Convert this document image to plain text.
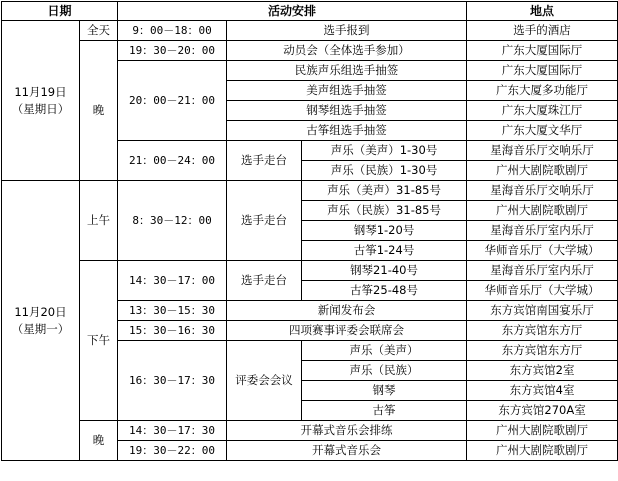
日期		活动安排			地点

11月19日
（星期日）	全天	9：00－18：00	选手报到		选手的酒店
	晚	19：30－20：00	动员会（全体选手参加）		广东大厦国际厅
		20：00－21：00	民族声乐组选手抽签		广东大厦国际厅
			美声组选手抽签		广东大厦多功能厅
			钢琴组选手抽签		广东大厦珠江厅
			古筝组选手抽签		广东大厦文华厅
		21：00－24：00	选手走台	声乐（美声）1-30号	星海音乐厅交响乐厅
				声乐（民族）1-30号	广州大剧院歌剧厅

11月20日
（星期一）	上午	8：30－12：00	选手走台	声乐（美声）31-85号	星海音乐厅交响乐厅
				声乐（民族）31-85号	广州大剧院歌剧厅
				钢琴1-20号	星海音乐厅室内乐厅
				古筝1-24号	华师音乐厅（大学城）
	下午	14：30－17：00	选手走台	钢琴21-40号	星海音乐厅室内乐厅
				古筝25-48号	华师音乐厅（大学城）
		13：30－15：30	新闻发布会		东方宾馆南国宴乐厅
		15：30－16：30	四项赛事评委会联席会		东方宾馆东方厅
		16：30－17：30	评委会会议	声乐（美声）	东方宾馆东方厅
				声乐（民族）	东方宾馆2室
				钢琴	东方宾馆4室
				古筝	东方宾馆270A室
	晚	14：30－17：30	开幕式音乐会排练		广州大剧院歌剧厅
		19：30－22：00	开幕式音乐会		广州大剧院歌剧厅
